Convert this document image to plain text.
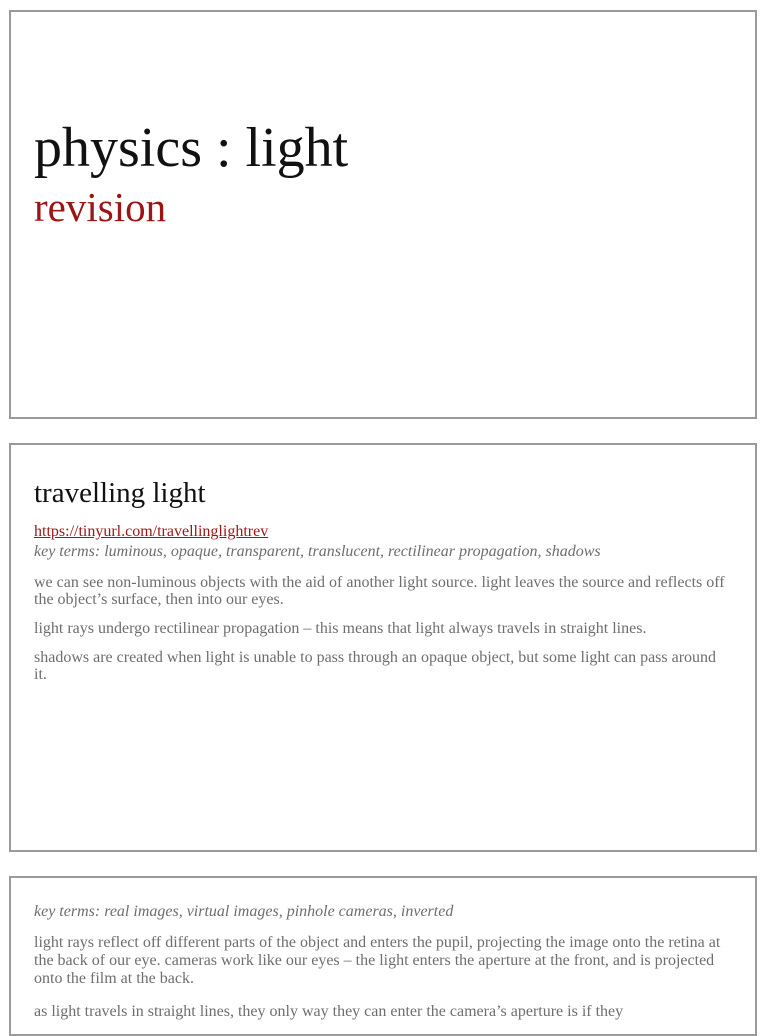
physics : light
revision
travelling light
https://tinyurl.com/travellinglightrev

key terms: luminous, opaque, transparent, translucent, rectilinear propagation, shadows

we can see non-luminous objects with the aid of another light source. light leaves the source and reflects off the object’s surface, then into our eyes.

light rays undergo rectilinear propagation – this means that light always travels in straight lines.

shadows are created when light is unable to pass through an opaque object, but some light can pass around it.

key terms: real images, virtual images, pinhole cameras, inverted

light rays reflect off different parts of the object and enters the pupil, projecting the image onto the retina at the back of our eye. cameras work like our eyes – the light enters the aperture at the front, and is projected onto the film at the back.

as light travels in straight lines, they only way they can enter the camera’s aperture is if they
